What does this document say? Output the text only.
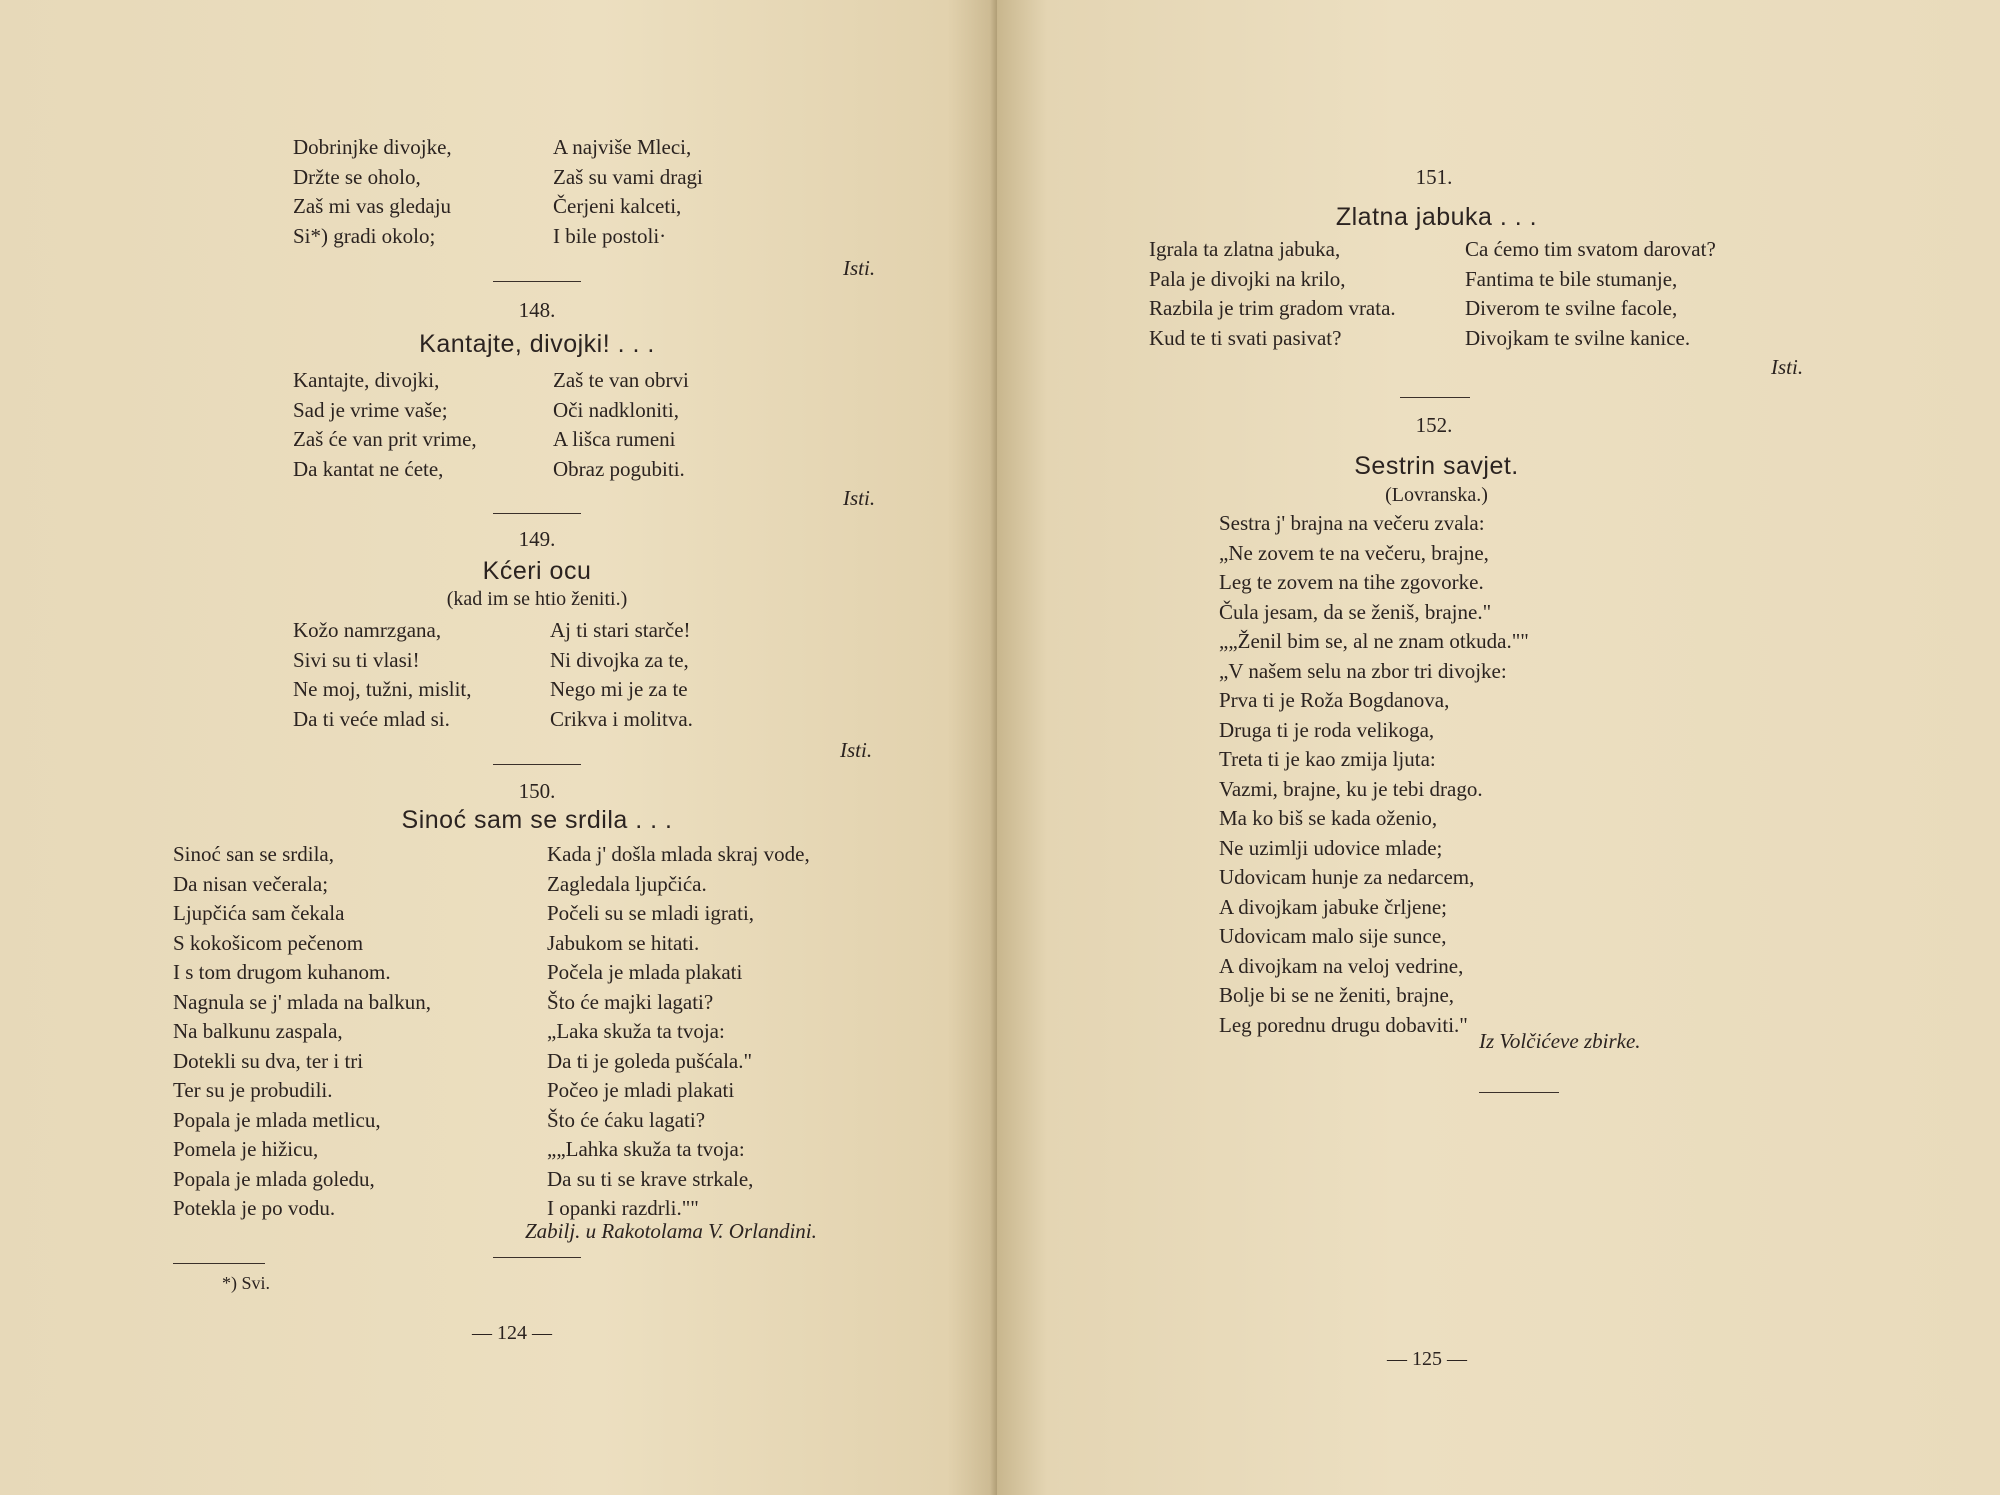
Dobrinjke divojke,
Držte se oholo,
Zaš mi vas gledaju
Si*) gradi okolo;
A najviše Mleci,
Zaš su vami dragi
Čerjeni kalceti,
I bile postoli·
Isti.
148.
Kantajte, divojki! . . .
Kantajte, divojki,
Sad je vrime vaše;
Zaš će van prit vrime,
Da kantat ne ćete,
Zaš te van obrvi
Oči nadkloniti,
A lišca rumeni
Obraz pogubiti.
Isti.
149.
Kćeri ocu
(kad im se htio ženiti.)
Kožo namrzgana,
Sivi su ti vlasi!
Ne moj, tužni, mislit,
Da ti veće mlad si.
Aj ti stari starče!
Ni divojka za te,
Nego mi je za te
Crikva i molitva.
Isti.
150.
Sinoć sam se srdila . . .
Sinoć san se srdila,
Da nisan večerala;
Ljupčića sam čekala
S kokošicom pečenom
I s tom drugom kuhanom.
Nagnula se j' mlada na balkun,
Na balkunu zaspala,
Dotekli su dva, ter i tri
Ter su je probudili.
Popala je mlada metlicu,
Pomela je hižicu,
Popala je mlada goledu,
Potekla je po vodu.
Kada j' došla mlada skraj vode,
Zagledala ljupčića.
Počeli su se mladi igrati,
Jabukom se hitati.
Počela je mlada plakati
Što će majki lagati?
„Laka skuža ta tvoja:
Da ti je goleda pušćala."
Počeo je mladi plakati
Što će ćaku lagati?
„„Lahka skuža ta tvoja:
Da su ti se krave strkale,
I opanki razdrli.""
Zabilj. u Rakotolama V. Orlandini.
*) Svi.
— 124 —
151.
Zlatna jabuka . . .
Igrala ta zlatna jabuka,
Pala je divojki na krilo,
Razbila je trim gradom vrata.
Kud te ti svati pasivat?
Ca ćemo tim svatom darovat?
Fantima te bile stumanje,
Diverom te svilne facole,
Divojkam te svilne kanice.
Isti.
152.
Sestrin savjet.
(Lovranska.)
Sestra j' brajna na večeru zvala:
„Ne zovem te na večeru, brajne,
Leg te zovem na tihe zgovorke.
Čula jesam, da se ženiš, brajne."
„„Ženil bim se, al ne znam otkuda.""
„V našem selu na zbor tri divojke:
Prva ti je Roža Bogdanova,
Druga ti je roda velikoga,
Treta ti je kao zmija ljuta:
Vazmi, brajne, ku je tebi drago.
Ma ko biš se kada oženio,
Ne uzimlji udovice mlade;
Udovicam hunje za nedarcem,
A divojkam jabuke črljene;
Udovicam malo sije sunce,
A divojkam na veloj vedrine,
Bolje bi se ne ženiti, brajne,
Leg porednu drugu dobaviti."
Iz Volčićeve zbirke.
— 125 —
